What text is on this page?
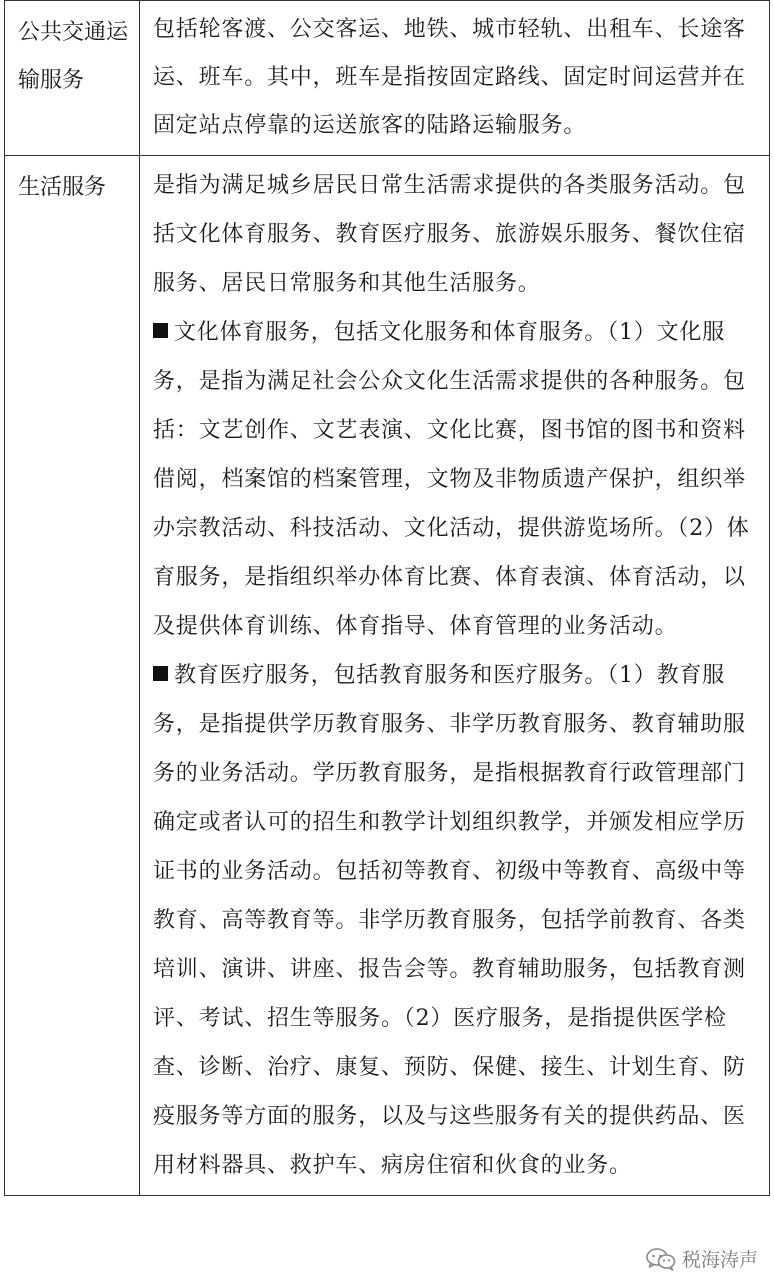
公共交通运输服务	包括轮客渡、公交客运、地铁、城市轻轨、出租车、长途客运、班车。其中，班车是指按固定路线、固定时间运营并在固定站点停靠的运送旅客的陆路运输服务。

生活服务	是指为满足城乡居民日常生活需求提供的各类服务活动。包括文化体育服务、教育医疗服务、旅游娱乐服务、餐饮住宿服务、居民日常服务和其他生活服务。

文化体育服务，包括文化服务和体育服务。（1）文化服务，是指为满足社会公众文化生活需求提供的各种服务。包括：文艺创作、文艺表演、文化比赛，图书馆的图书和资料借阅，档案馆的档案管理，文物及非物质遗产保护，组织举办宗教活动、科技活动、文化活动，提供游览场所。（2）体育服务，是指组织举办体育比赛、体育表演、体育活动，以及提供体育训练、体育指导、体育管理的业务活动。

教育医疗服务，包括教育服务和医疗服务。（1）教育服务，是指提供学历教育服务、非学历教育服务、教育辅助服务的业务活动。学历教育服务，是指根据教育行政管理部门确定或者认可的招生和教学计划组织教学，并颁发相应学历证书的业务活动。包括初等教育、初级中等教育、高级中等教育、高等教育等。非学历教育服务，包括学前教育、各类培训、演讲、讲座、报告会等。教育辅助服务，包括教育测评、考试、招生等服务。（2）医疗服务，是指提供医学检查、诊断、治疗、康复、预防、保健、接生、计划生育、防疫服务等方面的服务，以及与这些服务有关的提供药品、医用材料器具、救护车、病房住宿和伙食的业务。

税海涛声
